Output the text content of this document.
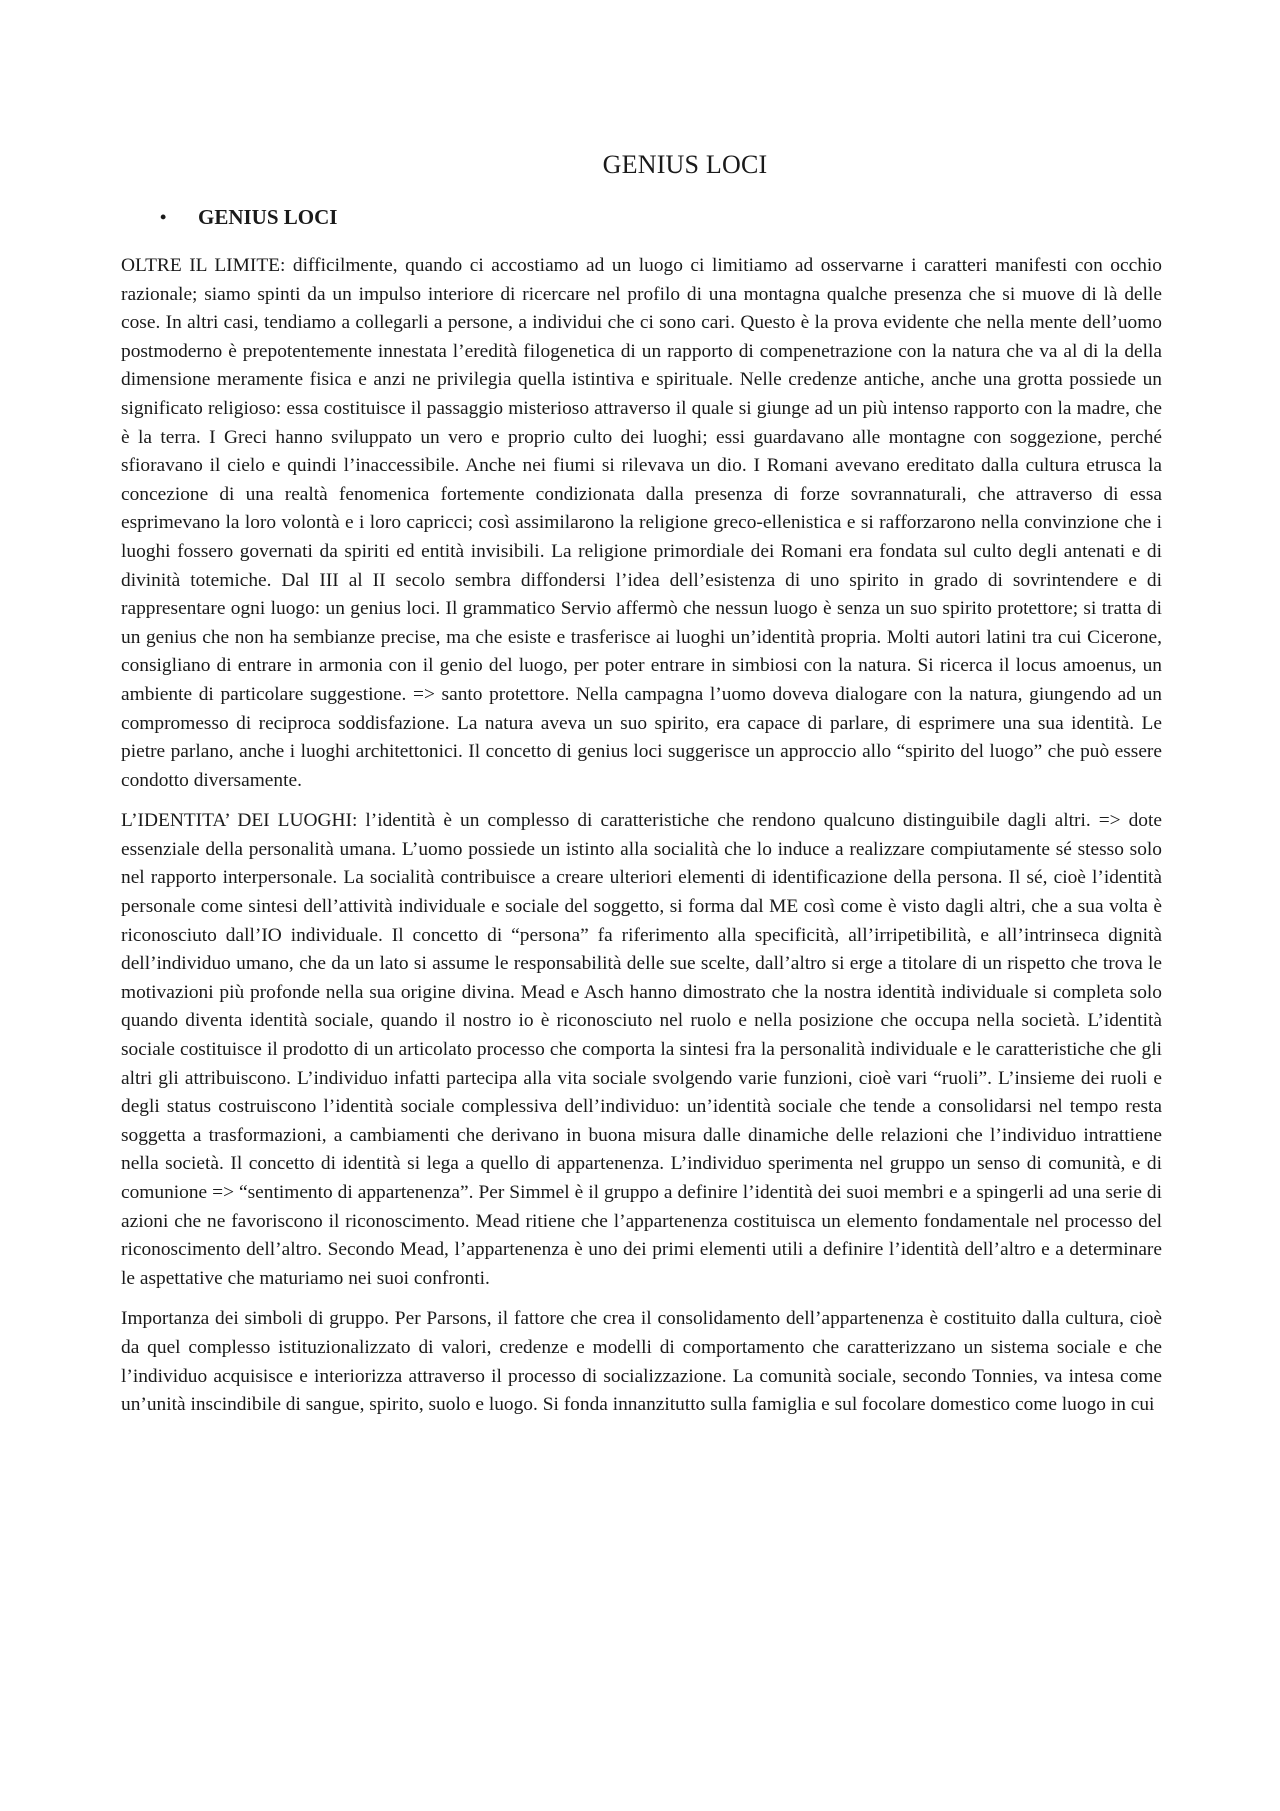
GENIUS LOCI
•	GENIUS LOCI

OLTRE IL LIMITE: difficilmente, quando ci accostiamo ad un luogo ci limitiamo ad osservarne i caratteri manifesti con occhio razionale; siamo spinti da un impulso interiore di ricercare nel profilo di una montagna qualche presenza che si muove di là delle cose. In altri casi, tendiamo a collegarli a persone, a individui che ci sono cari. Questo è la prova evidente che nella mente dell’uomo postmoderno è prepotentemente innestata l’eredità filogenetica di un rapporto di compenetrazione con la natura che va al di la della dimensione meramente fisica e anzi ne privilegia quella istintiva e spirituale. Nelle credenze antiche, anche una grotta possiede un significato religioso: essa costituisce il passaggio misterioso attraverso il quale si giunge ad un più intenso rapporto con la madre, che è la terra. I Greci hanno sviluppato un vero e proprio culto dei luoghi; essi guardavano alle montagne con soggezione, perché sfioravano il cielo e quindi l’inaccessibile. Anche nei fiumi si rilevava un dio. I Romani avevano ereditato dalla cultura etrusca la concezione di una realtà fenomenica fortemente condizionata dalla presenza di forze sovrannaturali, che attraverso di essa esprimevano la loro volontà e i loro capricci; così assimilarono la religione greco-ellenistica e si rafforzarono nella convinzione che i luoghi fossero governati da spiriti ed entità invisibili. La religione primordiale dei Romani era fondata sul culto degli antenati e di divinità totemiche. Dal III al II secolo sembra diffondersi l’idea dell’esistenza di uno spirito in grado di sovrintendere e di rappresentare ogni luogo: un genius loci. Il grammatico Servio affermò che nessun luogo è senza un suo spirito protettore; si tratta di un genius che non ha sembianze precise, ma che esiste e trasferisce ai luoghi un’identità propria. Molti autori latini tra cui Cicerone, consigliano di entrare in armonia con il genio del luogo, per poter entrare in simbiosi con la natura. Si ricerca il locus amoenus, un ambiente di particolare suggestione. => santo protettore. Nella campagna l’uomo doveva dialogare con la natura, giungendo ad un compromesso di reciproca soddisfazione. La natura aveva un suo spirito, era capace di parlare, di esprimere una sua identità. Le pietre parlano, anche i luoghi architettonici. Il concetto di genius loci suggerisce un approccio allo “spirito del luogo” che può essere condotto diversamente.

L’IDENTITA’ DEI LUOGHI: l’identità è un complesso di caratteristiche che rendono qualcuno distinguibile dagli altri. => dote essenziale della personalità umana. L’uomo possiede un istinto alla socialità che lo induce a realizzare compiutamente sé stesso solo nel rapporto interpersonale. La socialità contribuisce a creare ulteriori elementi di identificazione della persona. Il sé, cioè l’identità personale come sintesi dell’attività individuale e sociale del soggetto, si forma dal ME così come è visto dagli altri, che a sua volta è riconosciuto dall’IO individuale. Il concetto di “persona” fa riferimento alla specificità, all’irripetibilità, e all’intrinseca dignità dell’individuo umano, che da un lato si assume le responsabilità delle sue scelte, dall’altro si erge a titolare di un rispetto che trova le motivazioni più profonde nella sua origine divina. Mead e Asch hanno dimostrato che la nostra identità individuale si completa solo quando diventa identità sociale, quando il nostro io è riconosciuto nel ruolo e nella posizione che occupa nella società. L’identità sociale costituisce il prodotto di un articolato processo che comporta la sintesi fra la personalità individuale e le caratteristiche che gli altri gli attribuiscono. L’individuo infatti partecipa alla vita sociale svolgendo varie funzioni, cioè vari “ruoli”. L’insieme dei ruoli e degli status costruiscono l’identità sociale complessiva dell’individuo: un’identità sociale che tende a consolidarsi nel tempo resta soggetta a trasformazioni, a cambiamenti che derivano in buona misura dalle dinamiche delle relazioni che l’individuo intrattiene nella società. Il concetto di identità si lega a quello di appartenenza. L’individuo sperimenta nel gruppo un senso di comunità, e di comunione => “sentimento di appartenenza”. Per Simmel è il gruppo a definire l’identità dei suoi membri e a spingerli ad una serie di azioni che ne favoriscono il riconoscimento. Mead ritiene che l’appartenenza costituisca un elemento fondamentale nel processo del riconoscimento dell’altro. Secondo Mead, l’appartenenza è uno dei primi elementi utili a definire l’identità dell’altro e a determinare le aspettative che maturiamo nei suoi confronti.

Importanza dei simboli di gruppo. Per Parsons, il fattore che crea il consolidamento dell’appartenenza è costituito dalla cultura, cioè da quel complesso istituzionalizzato di valori, credenze e modelli di comportamento che caratterizzano un sistema sociale e che l’individuo acquisisce e interiorizza attraverso il processo di socializzazione. La comunità sociale, secondo Tonnies, va intesa come un’unità inscindibile di sangue, spirito, suolo e luogo. Si fonda innanzitutto sulla famiglia e sul focolare domestico come luogo in cui
